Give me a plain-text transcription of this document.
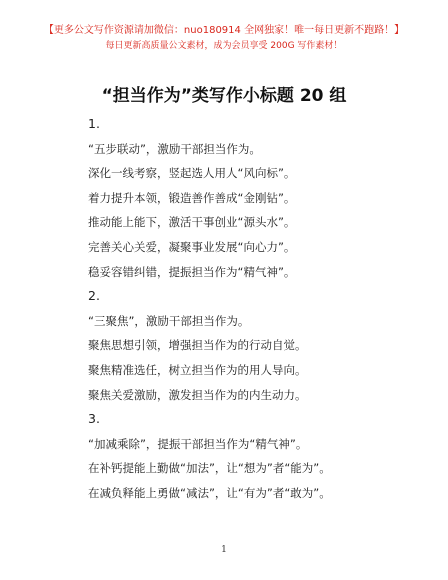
【更多公文写作资源请加微信：nuo180914 全网独家！唯一每日更新不跑路！】
每日更新高质量公文素材，成为会员享受 200G 写作素材！
“担当作为”类写作小标题 20 组
1.
“五步联动”，激励干部担当作为。
深化一线考察，竖起选人用人“风向标”。
着力提升本领，锻造善作善成“金刚钻”。
推动能上能下，激活干事创业“源头水”。
完善关心关爱，凝聚事业发展“向心力”。
稳妥容错纠错，提振担当作为“精气神”。
2.
“三聚焦”，激励干部担当作为。
聚焦思想引领，增强担当作为的行动自觉。
聚焦精准选任，树立担当作为的用人导向。
聚焦关爱激励，激发担当作为的内生动力。
3.
“加减乘除”，提振干部担当作为“精气神”。
在补钙提能上勤做“加法”，让“想为”者“能为”。
在减负释能上勇做“减法”，让“有为”者“敢为”。
1
